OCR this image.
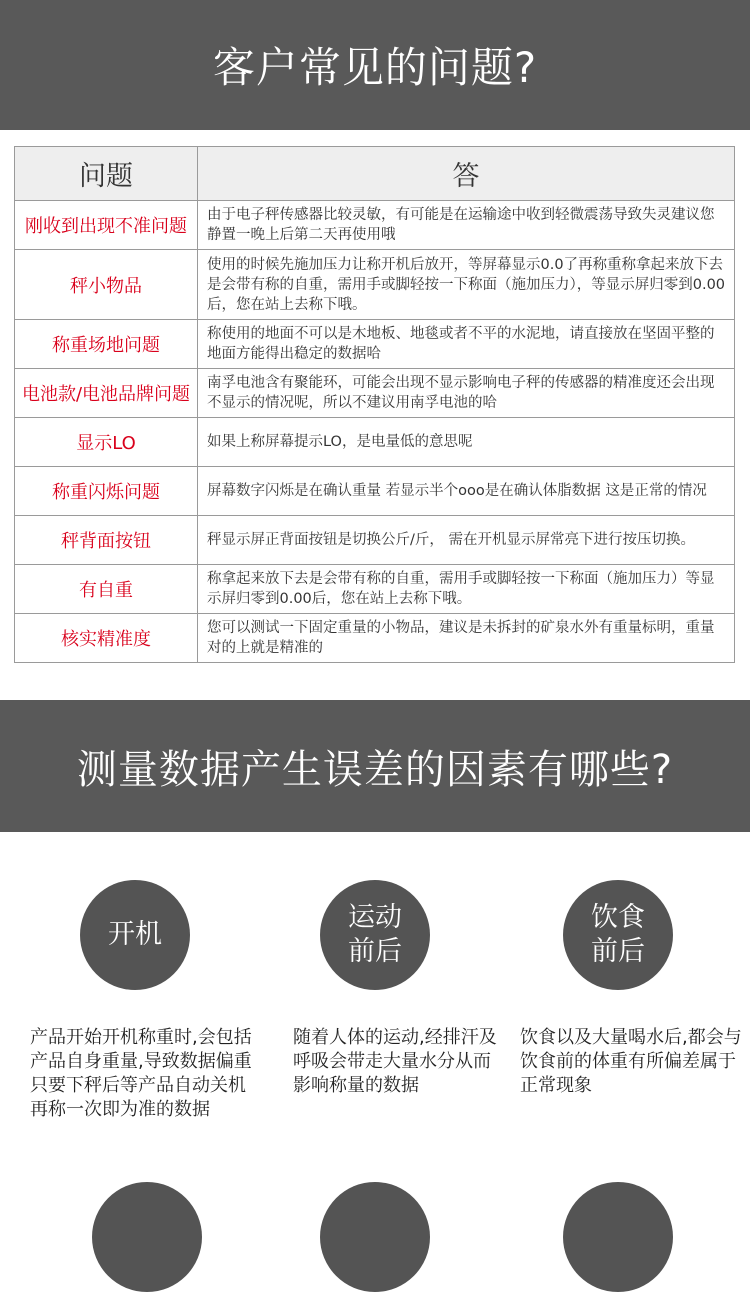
客户常见的问题?
问题	答
刚收到出现不准问题	由于电子秤传感器比较灵敏，有可能是在运输途中收到轻微震荡导致失灵建议您静置一晚上后第二天再使用哦
秤小物品	使用的时候先施加压力让称开机后放开，等屏幕显示0.0了再称重称拿起来放下去是会带有称的自重，需用手或脚轻按一下称面（施加压力），等显示屏归零到0.00后，您在站上去称下哦。
称重场地问题	称使用的地面不可以是木地板、地毯或者不平的水泥地，请直接放在坚固平整的地面方能得出稳定的数据哈
电池款/电池品牌问题	南孚电池含有聚能环，可能会出现不显示影响电子秤的传感器的精准度还会出现不显示的情况呢，所以不建议用南孚电池的哈
显示LO	如果上称屏幕提示LO，是电量低的意思呢
称重闪烁问题	屏幕数字闪烁是在确认重量 若显示半个ooo是在确认体脂数据 这是正常的情况
秤背面按钮	秤显示屏正背面按钮是切换公斤/斤， 需在开机显示屏常亮下进行按压切换。
有自重	称拿起来放下去是会带有称的自重，需用手或脚轻按一下称面（施加压力）等显示屏归零到0.00后，您在站上去称下哦。
核实精准度	您可以测试一下固定重量的小物品，建议是未拆封的矿泉水外有重量标明，重量对的上就是精准的
测量数据产生误差的因素有哪些?
开机
运动
前后
饮食
前后
产品开始开机称重时,会包括产品自身重量,导致数据偏重只要下秤后等产品自动关机再称一次即为准的数据
随着人体的运动,经排汗及呼吸会带走大量水分从而影响称量的数据
饮食以及大量喝水后,都会与饮食前的体重有所偏差属于正常现象
